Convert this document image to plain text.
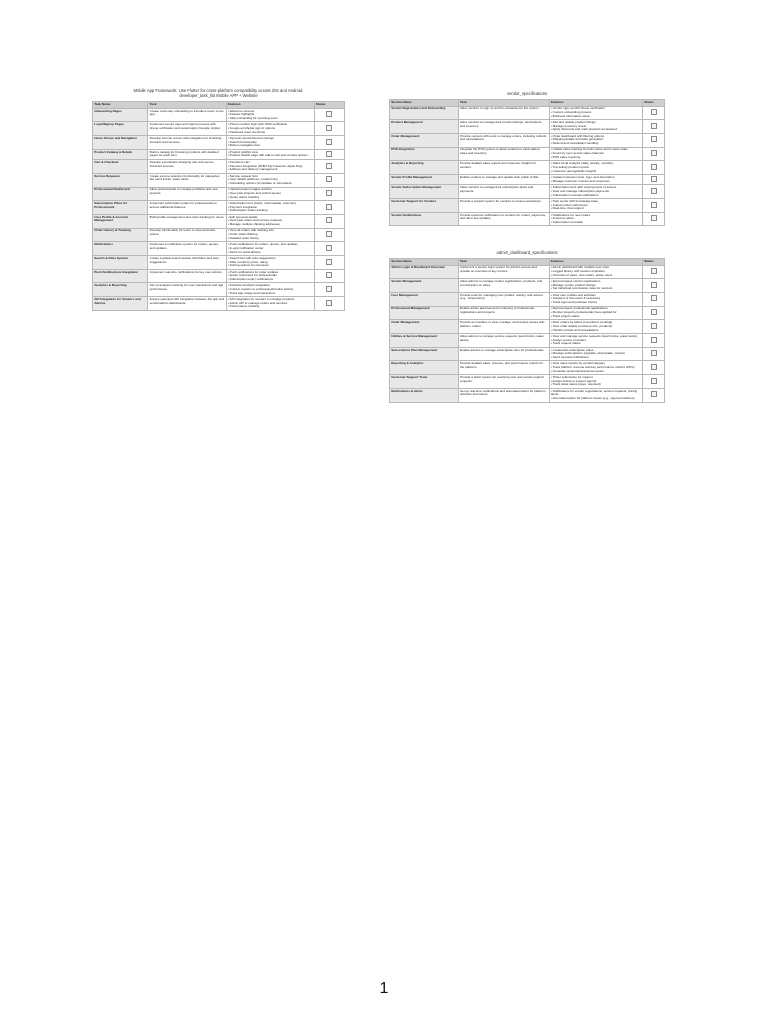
Mobile App Framework: Use Flutter for cross-platform compatibility across iOS and Android.
developer_task_list Mobile APP + Website
Task Name	Task	Features	Status
Onboarding Pages	Create multi-step onboarding to introduce users to the app.	• Welcome screens
• Feature highlights
• Skip onboarding for returning users	

Login/Signup Pages	Implement secure login and signup process with phone verification and social logins (Google, Apple).	• Phone number login with OMS verification
• Google and Apple sign-in options
• Password reset via phone	

Home Screen and Navigation	Develop a home screen with navigation for browsing products and services.	• Dynamic product/service listings
• Search functionality
• Bottom navigation bar	

Product Catalog & Details	Build a catalog for browsing products with detailed pages for each item.	• Product grid/list view
• Product details page with add-to-cart and contact options	

Cart & Checkout	Develop a persistent shopping cart and secure checkout process.	• Persistent cart
• Payment integration (RHET-My Fatoorah, Apple Pay)
• Address and delivery management	

Service Requests	Create service selection functionality for categories like sand trucks, water tanks.	• Service request form
• User details (address, contact info)
• Scheduling options (immediate or scheduled)	

Professional Dashboard	Allow professionals to manage portfolios and new projects.	• Upload project images and bio
• View past projects and submit quotes
• Quote status tracking	

Subscription Plans for Professionals	Implement subscription plans for professionals to access additional features.	• Subscription tiers (basic, intermediate, premium)
• Payment integration
• Subscription status tracking	

User Profile & Account Management	Build profile management and order tracking for users.	• Edit personal details
• View past orders and service requests
• Manage multiple shipping addresses	

Order History & Tracking	Develop functionality for users to view and track orders.	• View all orders with tracking info
• Order status filtering
• Detailed order history	

Notifications	Implement a notification system for orders, quotes, and updates.	• Push notifications for orders, quotes, and updates
• In-app notification center
• Alerts for subscriptions	

Search & Filter System	Create a global search feature with filters and auto-suggestions.	• Search bar with auto-suggestions
• Filter results by price, rating
• Sorting options for relevance	

Push Notifications Integration	Implement real-time notifications for key user actions.	• Push notifications for order updates
• Quote responses for professionals
• Subscription expiry notifications	

Analytics & Reporting	Set up analytics tracking for user interactions and app performance.	• Firebase Analytics integration
• Custom reports on professional/vendor activity
• Track app usage and interactions	

API Integration for Vendors and Admins	Ensure seamless API integration between the app and vendor/admin dashboards.	• API integration for vendors to manage products
• Admin API to manage orders and services
• Performance tracking	

vendor_specifications
Section Name	Task	Features	Status
Vendor Registration and Onboarding	Allow vendors to sign up and be onboarded to the system.	• Vendor sign-up with phone verification
• Custom onboarding process
• Business information setup	

Product Management	Allow vendors to manage their product listings, descriptions, and inventory.	• Add and update product listings
• Manage inventory levels
• Apply discounts and mark products as featured	

Order Management	Provide vendors with tools to manage orders, including refunds and cancellations.	• Order dashboard with filtering options
• Shipping details and label generation
• Refund and cancellation handling	

POS Integration	Integrate the POS system to allow vendors to track walk-in sales and inventory.	• Unified sales tracking for both online and in-store sales
• Inventory sync across sales channels
• POS sales reporting	

Analytics & Reporting	Provide detailed sales reports and customer insights for vendors.	• Sales trend analysis (daily, weekly, monthly)
• Top-selling product reports
• Customer demographic insights	

Vendor Profile Management	Enable vendors to manage and update their public profile.	• Update business name, logo, and description
• Manage customer reviews and responses	

Vendor Subscription Management	Allow vendors to manage their subscription plans and payments.	• Subscription tiers with varying levels of access
• View and manage subscription payments
• Subscription renewal notifications	

Customer Support for Vendors	Provide a support system for vendors to receive assistance.	• Help center with knowledge base
• Support ticket submission
• Real-time chat support	

Vendor Notifications	Provide real-time notifications to vendors for orders, payments, and other key updates.	• Notifications for new orders
• Inventory alerts
• Subscription renewals	

admin_dashboard_specifications
Section Name	Task	Features	Status
Admin Login & Dashboard Overview	Implement a secure login system for admins access and provide an overview of key metrics.	• Admin dashboard with multiple user roles
• Logged history with session expiration
• Overview of sales, new orders, active users	

Vendor Management	Allow admins to manage vendor registrations, products, and commissions on sales.	• Approve/reject vendor registrations
• Manage vendor product listings
• Set individual commission rates for vendors	

User Management	Provide tools for managing user profiles, activity, and actions (e.g., suspension).	• View user profiles and activities
• Suspend or ban users if necessary
• Track login and purchase history	

Professional Management	Enable admin approval and monitoring of professional registrations and projects.	• Approve/reject professional registrations
• Monitor projects professionals have applied for
• Track project status	

Order Management	Provide an interface to view, manage, and resolve issues with platform orders.	• Filter orders by status (completed, pending)
• View order details (customer info, products)
• Handle refunds and cancellations	

Utilities & Service Management	Allow admins to manage service requests (sand trucks, water tanks).	• View and manage service requests (sand trucks, water tanks)
• Assign service providers
• Track request status	

Subscription Plan Management	Enable admins to manage subscription tiers for professionals.	• Create/edit subscription plans
• Manage subscriptions (upgrade, downgrade, cancel)
• Send renewal notifications	

Reporting & Analytics	Provide detailed sales, revenue, and performance reports for the platform.	• View sales reports by vendor/category
• Track platform revenue and key performance metrics (KPIs)
• Generate vendor/professional reports	

Customer Support Tools	Provide a ticket system for resolving user and vendor support requests.	• Ticket submission for support
• Assign tickets to support agents
• Track ticket status (open, resolved)	

Notifications & Alerts	Set up real-time notifications and automated alerts for platform activities and issues.	• Notifications for vendor registrations, service requests, pricing alerts
• Automated alerts for platform issues (e.g., payment failures)	

1
